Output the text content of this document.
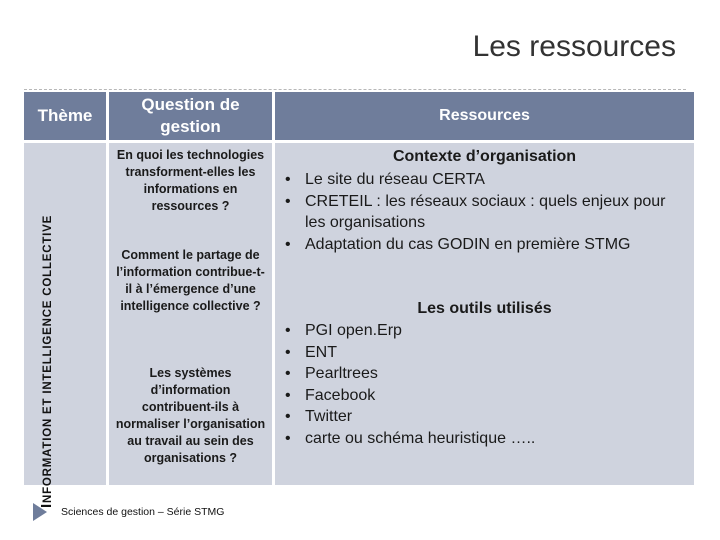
Les ressources
Thème
Question de gestion
Ressources
INFORMATION ET INTELLIGENCE COLLECTIVE
En quoi les technologies transforment-elles les informations en ressources ?
Comment le partage de l’information contribue-t-il à l’émergence d’une intelligence collective ?
Les systèmes d’information contribuent-ils à normaliser l’organisation au travail au sein des organisations ?
Contexte d’organisation
• Le site du réseau CERTA
• CRETEIL : les réseaux sociaux : quels enjeux pour les organisations
• Adaptation du cas GODIN en première STMG
Les outils utilisés
• PGI open.Erp
• ENT
• Pearltrees
• Facebook
• Twitter
• carte ou schéma heuristique …..
Sciences de gestion – Série STMG
